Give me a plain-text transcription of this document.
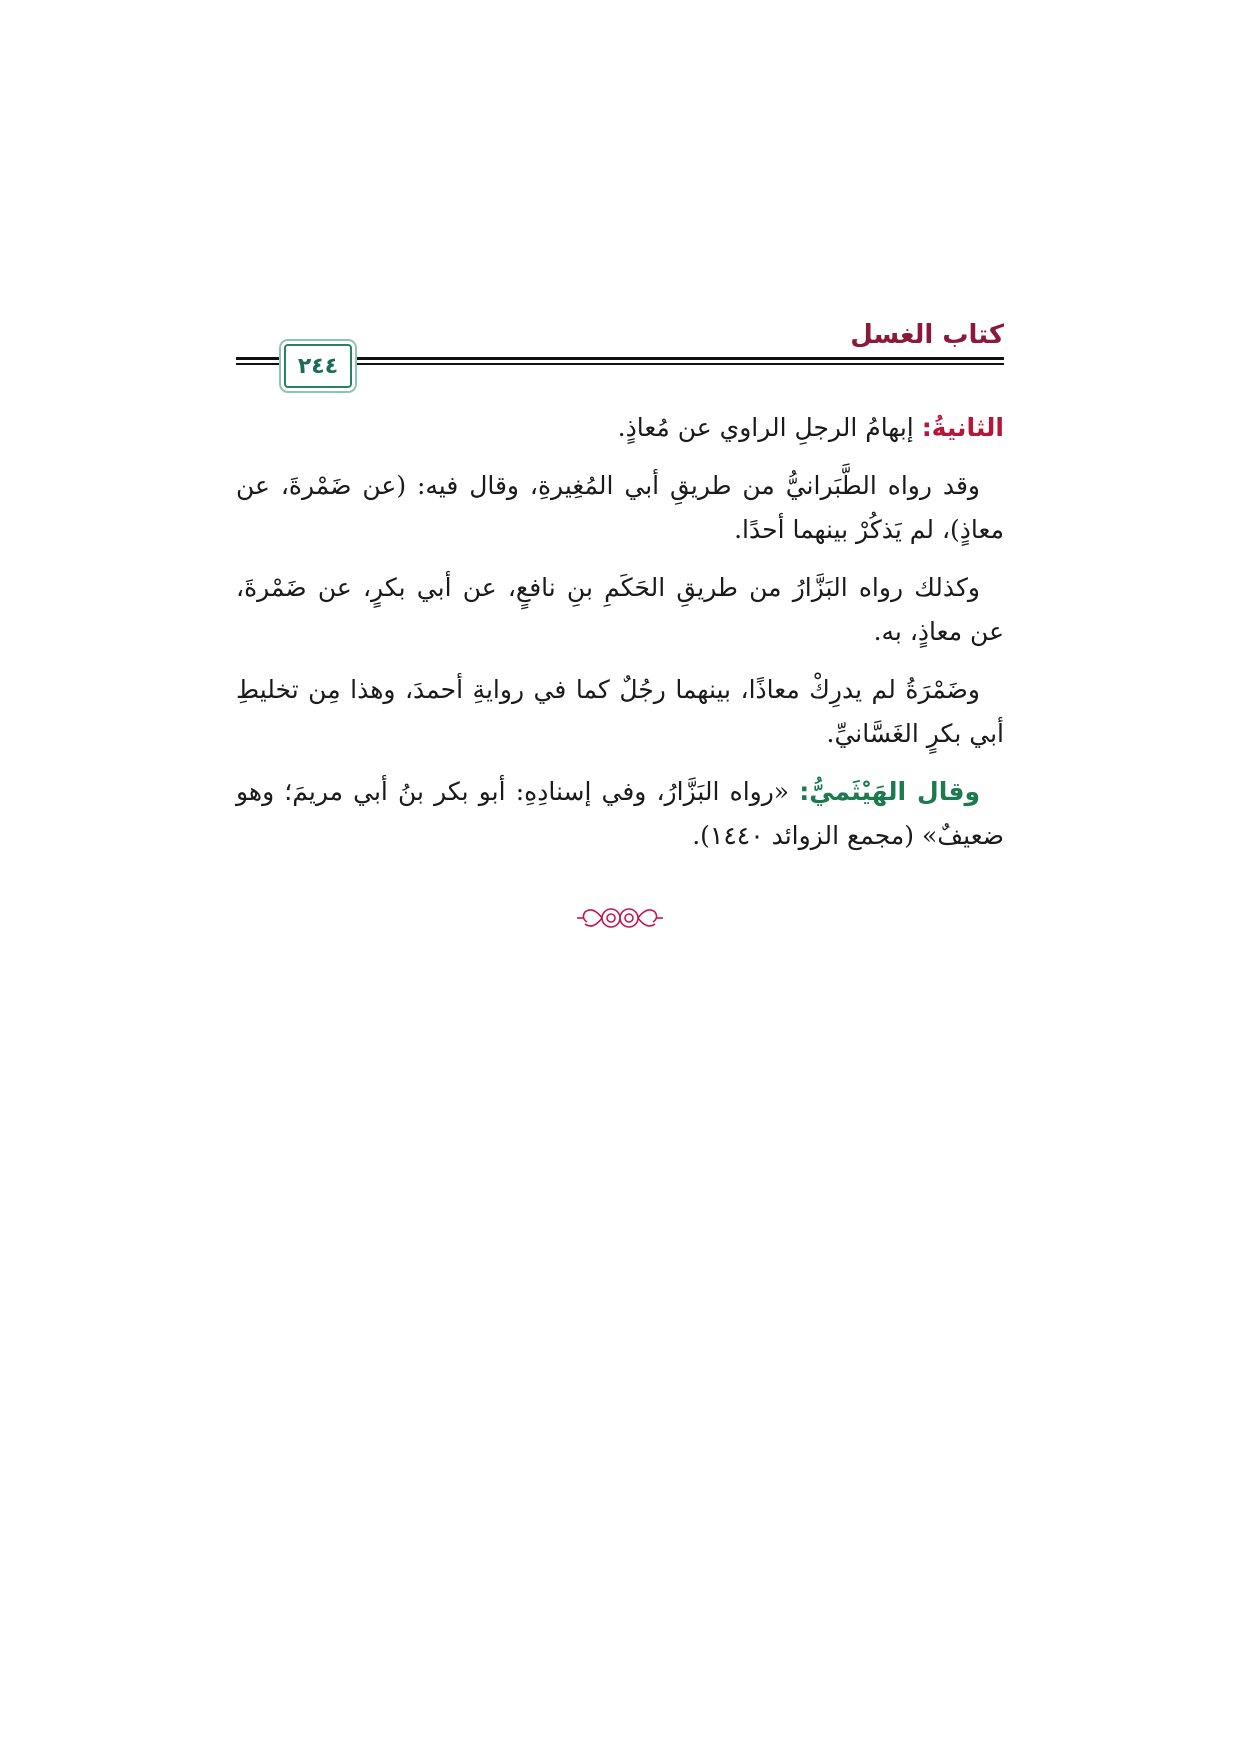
كتاب الغسل
٢٤٤

الثانيةُ: إبهامُ الرجلِ الراوي عن مُعاذٍ.

وقد رواه الطَّبَرانيُّ من طريقِ أبي المُغِيرةِ، وقال فيه: (عن ضَمْرةَ، عن معاذٍ)، لم يَذكُرْ بينهما أحدًا.

وكذلك رواه البَزَّارُ من طريقِ الحَكَمِ بنِ نافعٍ، عن أبي بكرٍ، عن ضَمْرةَ، عن معاذٍ، به.

وضَمْرَةُ لم يدرِكْ معاذًا، بينهما رجُلٌ كما في روايةِ أحمدَ، وهذا مِن تخليطِ أبي بكرٍ الغَسَّانيِّ.

وقال الهَيْثَميُّ: «رواه البَزَّارُ، وفي إسنادِهِ: أبو بكر بنُ أبي مريمَ؛ وهو ضعيفٌ» (مجمع الزوائد ١٤٤٠).
